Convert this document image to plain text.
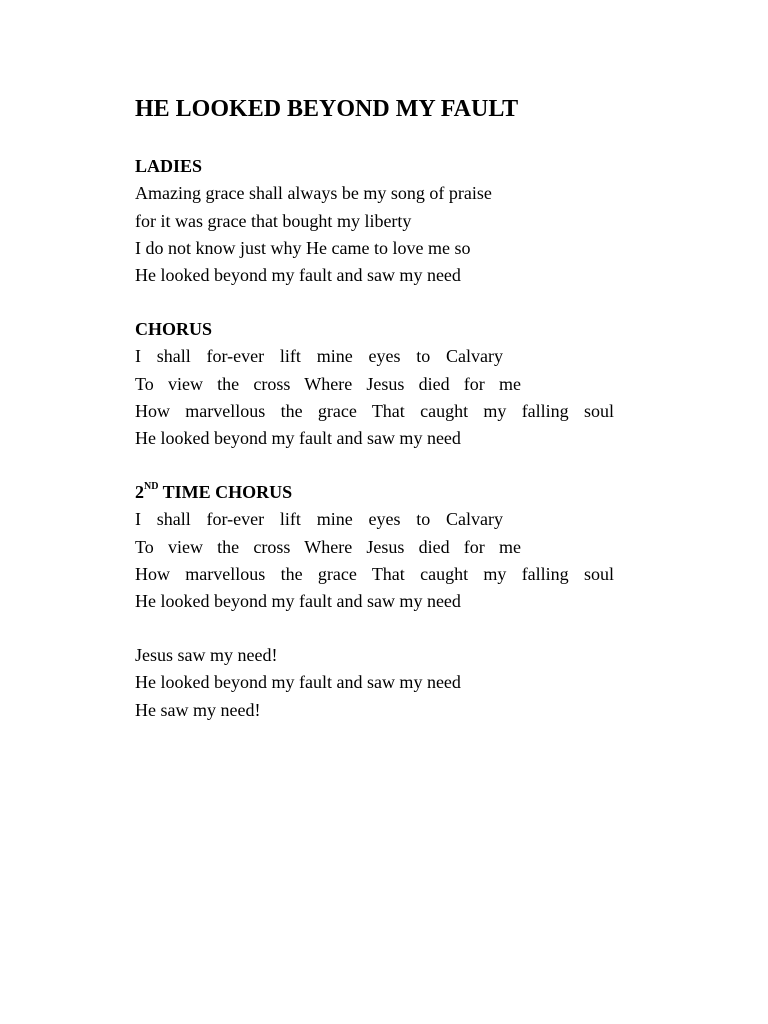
HE LOOKED BEYOND MY FAULT
LADIES
Amazing grace shall always be my song of praise
for it was grace that bought my liberty
I do not know just why He came to love me so
He looked beyond my fault and saw my need
CHORUS
I shall for-ever lift mine eyes to Calvary
To view the cross Where Jesus died for me
How marvellous the grace That caught my falling soul
He looked beyond my fault and saw my need
2ND TIME CHORUS
I shall for-ever lift mine eyes to Calvary
To view the cross Where Jesus died for me
How marvellous the grace That caught my falling soul
He looked beyond my fault and saw my need
Jesus saw my need!
He looked beyond my fault and saw my need
He saw my need!
